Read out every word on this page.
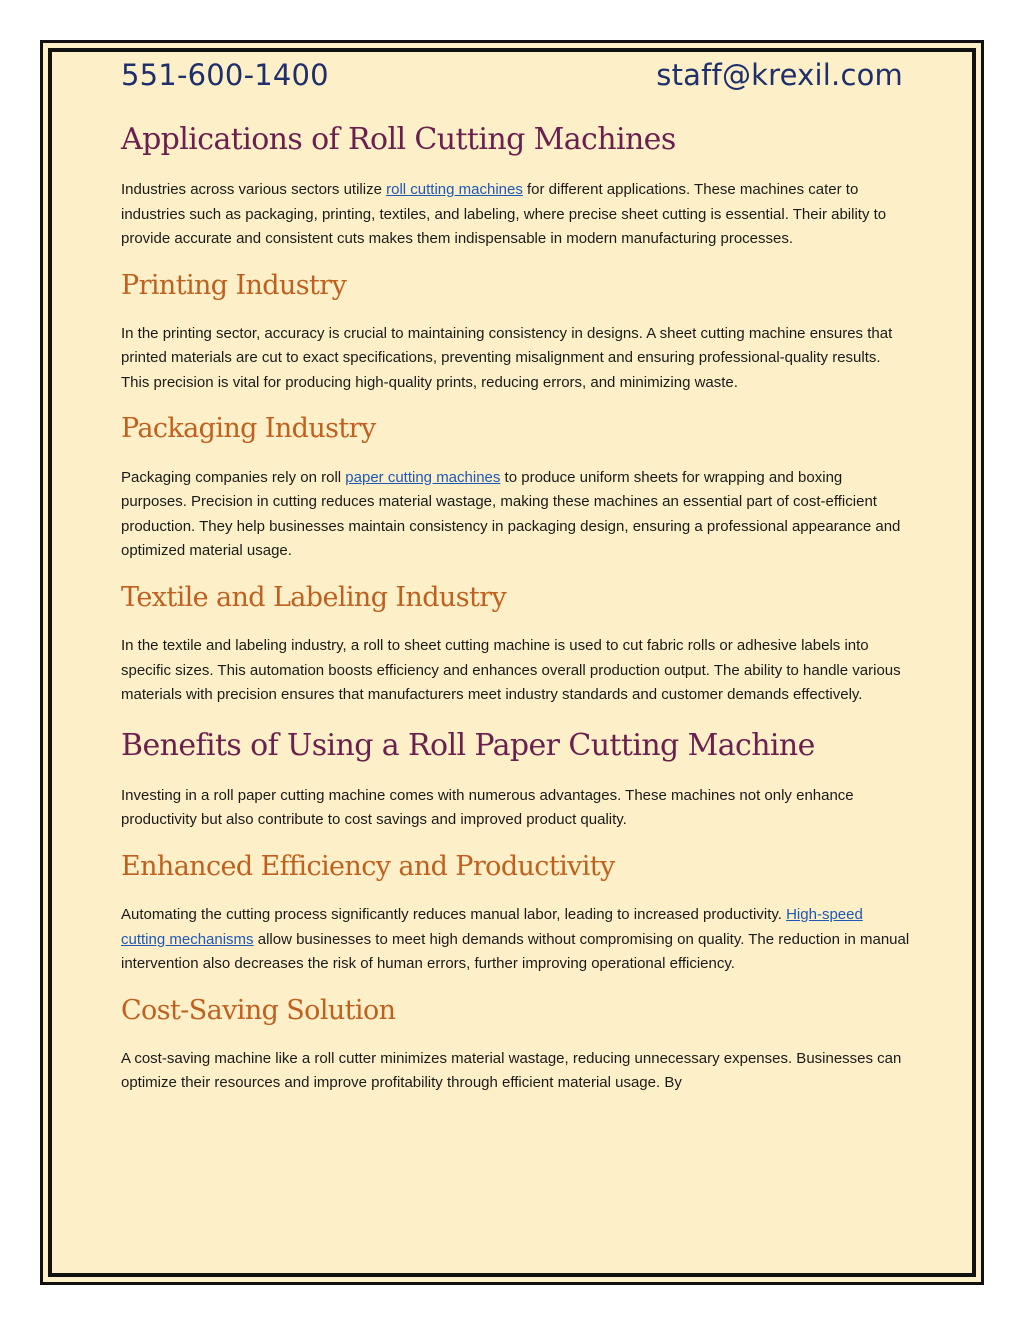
551-600-1400	staff@krexil.com
Applications of Roll Cutting Machines

Industries across various sectors utilize roll cutting machines for different applications. These machines cater to industries such as packaging, printing, textiles, and labeling, where precise sheet cutting is essential. Their ability to provide accurate and consistent cuts makes them indispensable in modern manufacturing processes.

Printing Industry

In the printing sector, accuracy is crucial to maintaining consistency in designs. A sheet cutting machine ensures that printed materials are cut to exact specifications, preventing misalignment and ensuring professional-quality results. This precision is vital for producing high-quality prints, reducing errors, and minimizing waste.

Packaging Industry

Packaging companies rely on roll paper cutting machines to produce uniform sheets for wrapping and boxing purposes. Precision in cutting reduces material wastage, making these machines an essential part of cost-efficient production. They help businesses maintain consistency in packaging design, ensuring a professional appearance and optimized material usage.

Textile and Labeling Industry

In the textile and labeling industry, a roll to sheet cutting machine is used to cut fabric rolls or adhesive labels into specific sizes. This automation boosts efficiency and enhances overall production output. The ability to handle various materials with precision ensures that manufacturers meet industry standards and customer demands effectively.

Benefits of Using a Roll Paper Cutting Machine

Investing in a roll paper cutting machine comes with numerous advantages. These machines not only enhance productivity but also contribute to cost savings and improved product quality.

Enhanced Efficiency and Productivity

Automating the cutting process significantly reduces manual labor, leading to increased productivity. High-speed cutting mechanisms allow businesses to meet high demands without compromising on quality. The reduction in manual intervention also decreases the risk of human errors, further improving operational efficiency.

Cost-Saving Solution

A cost-saving machine like a roll cutter minimizes material wastage, reducing unnecessary expenses. Businesses can optimize their resources and improve profitability through efficient material usage. By
